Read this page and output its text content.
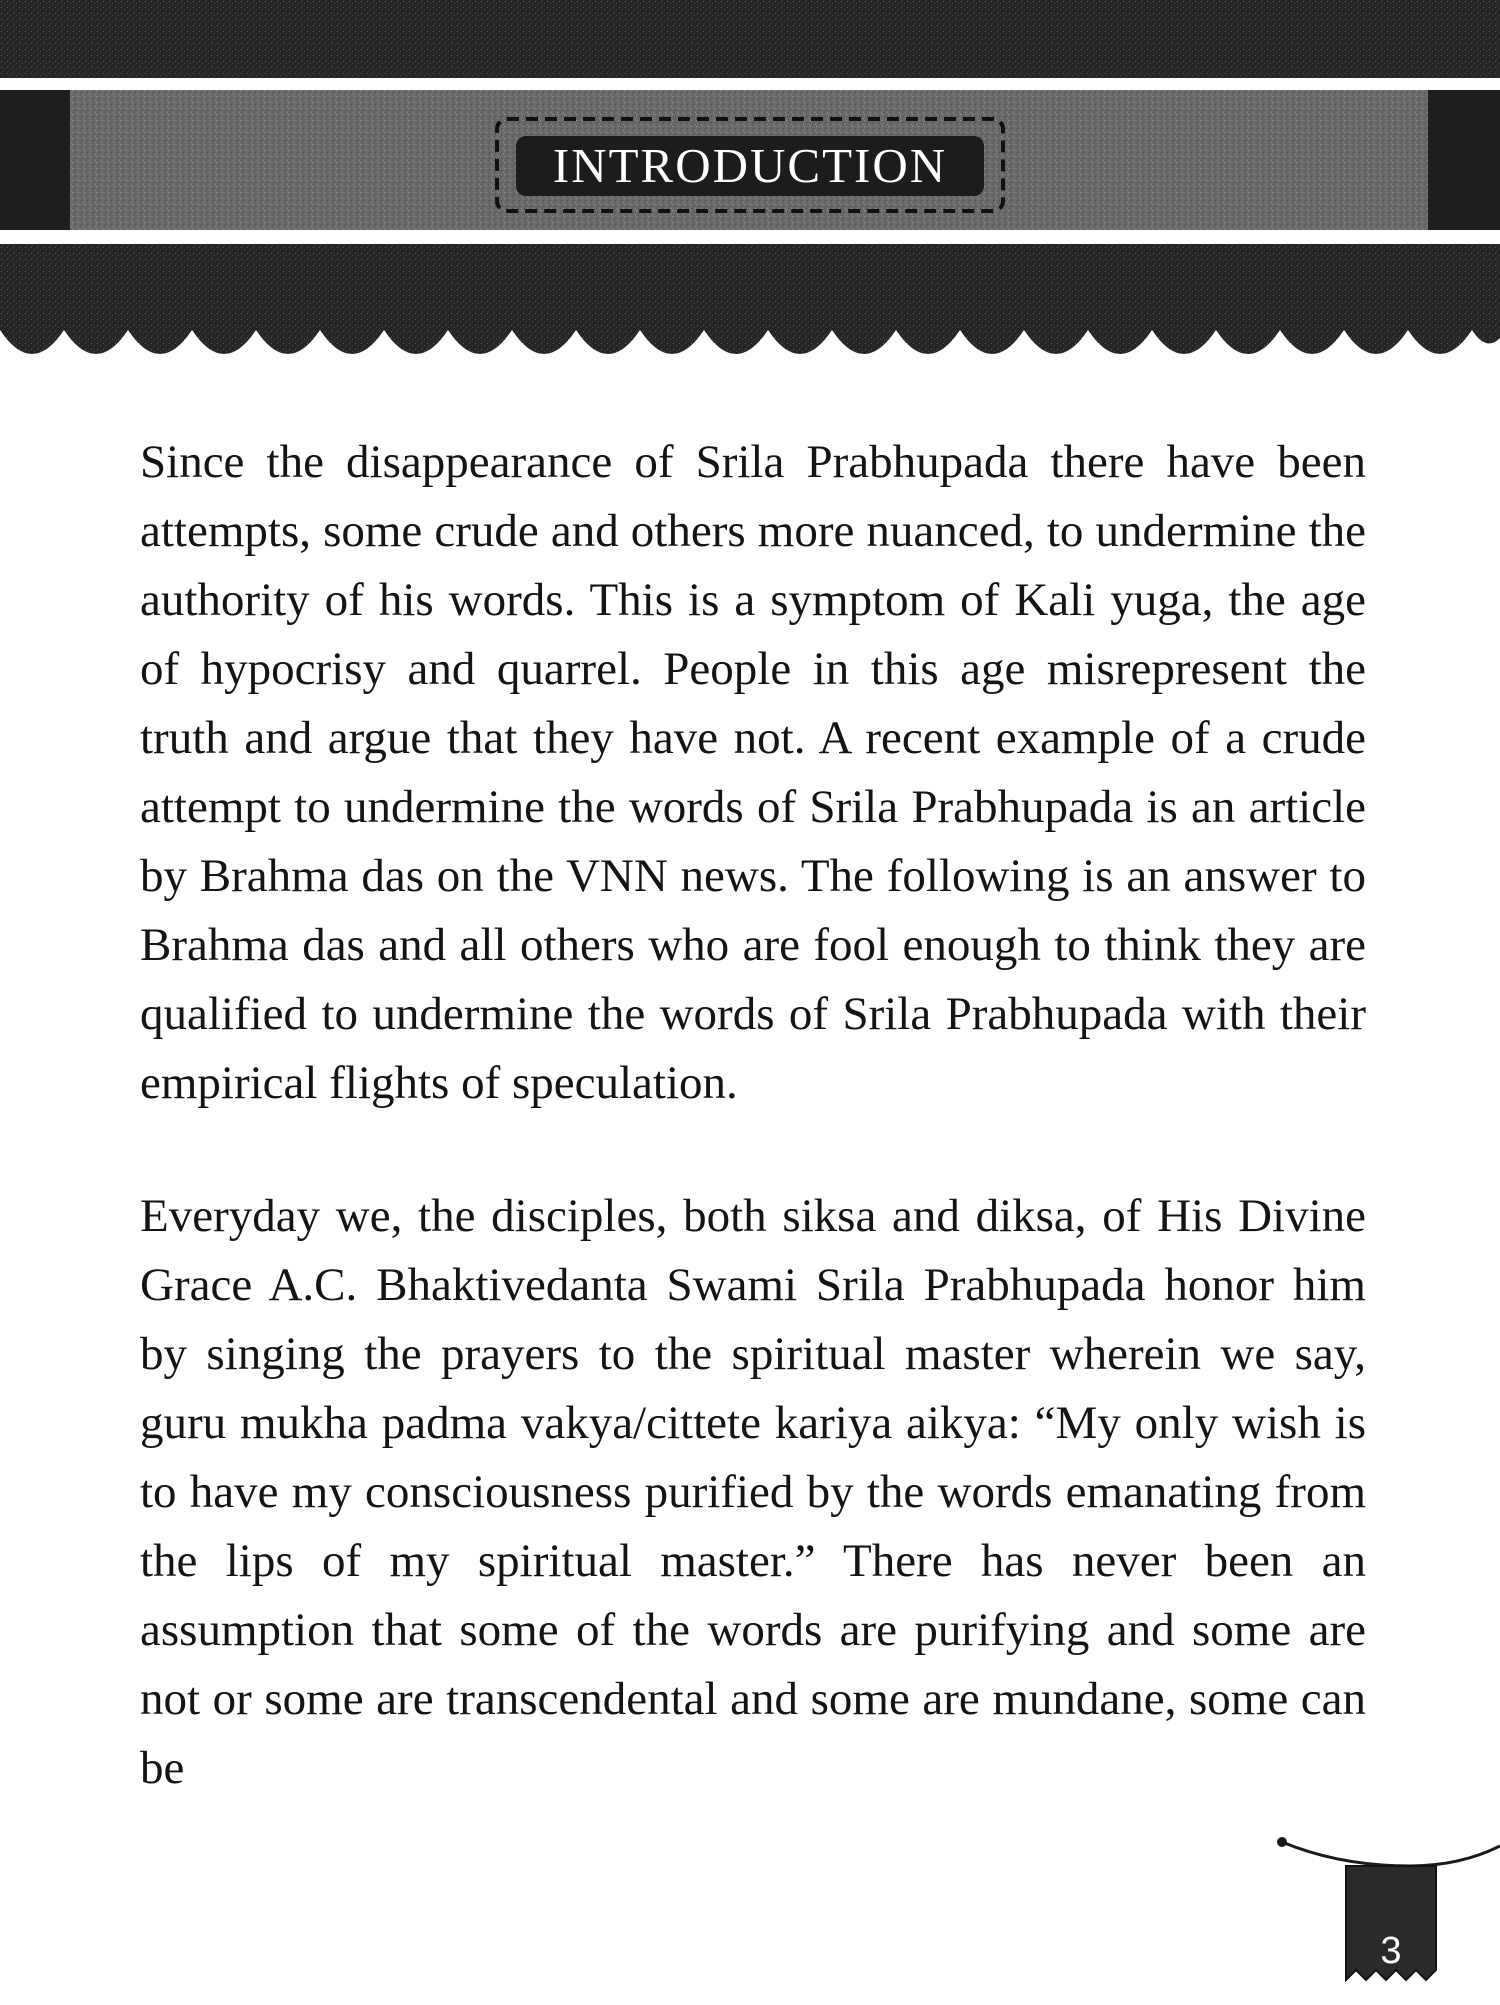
INTRODUCTION

Since the disappearance of Srila Prabhupada there have been attempts, some crude and others more nuanced, to undermine the authority of his words. This is a symptom of Kali yuga, the age of hypocrisy and quarrel. People in this age misrepresent the truth and argue that they have not. A recent example of a crude attempt to undermine the words of Srila Prabhupada is an article by Brahma das on the VNN news. The following is an answer to Brahma das and all others who are fool enough to think they are qualified to undermine the words of Srila Prabhupada with their empirical flights of speculation.

Everyday we, the disciples, both siksa and diksa, of His Divine Grace A.C. Bhaktivedanta Swami Srila Prabhupada honor him by singing the prayers to the spiritual master wherein we say, guru mukha padma vakya/cittete kariya aikya: “My only wish is to have my consciousness purified by the words emanating from the lips of my spiritual master.” There has never been an assumption that some of the words are purifying and some are not or some are transcendental and some are mundane, some can be

3
